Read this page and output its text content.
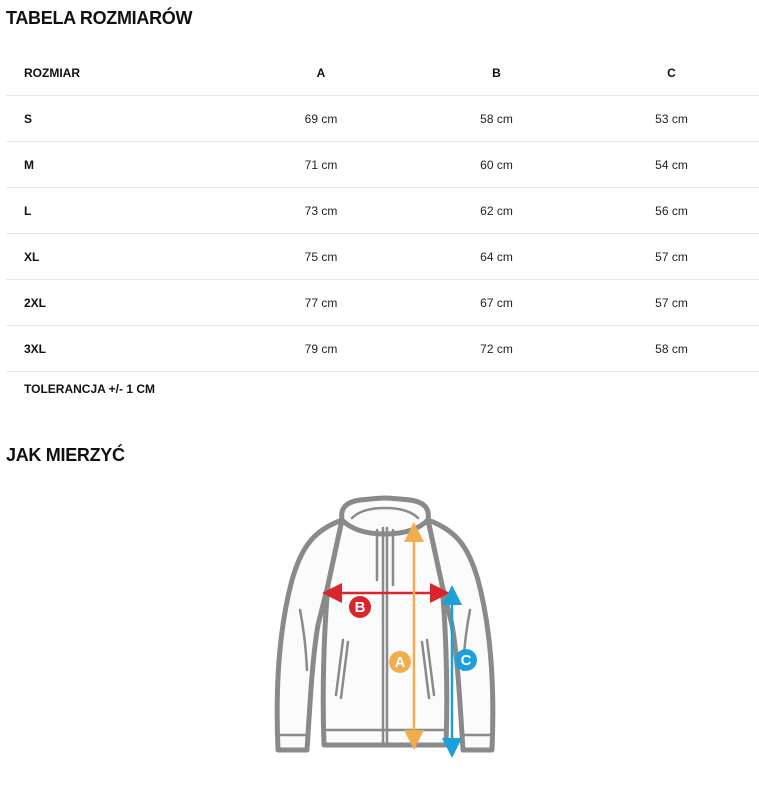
TABELA ROZMIARÓW
ROZMIAR	A	B	C
S	69 cm	58 cm	53 cm
M	71 cm	60 cm	54 cm
L	73 cm	62 cm	56 cm
XL	75 cm	64 cm	57 cm
2XL	77 cm	67 cm	57 cm
3XL	79 cm	72 cm	58 cm
TOLERANCJA +/- 1 CM
JAK MIERZYĆ
B
A	C
